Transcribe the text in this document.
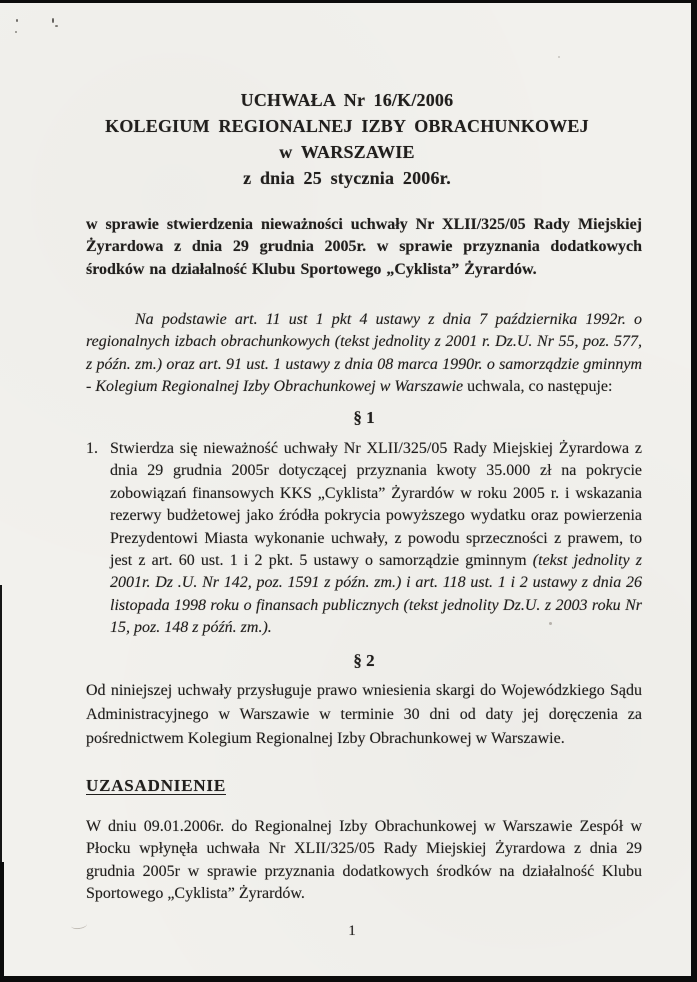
UCHWAŁA Nr 16/K/2006
KOLEGIUM REGIONALNEJ IZBY OBRACHUNKOWEJ
w WARSZAWIE
z dnia 25 stycznia 2006r.
w sprawie stwierdzenia nieważności uchwały Nr XLII/325/05 Rady Miejskiej Żyrardowa z dnia 29 grudnia 2005r. w sprawie przyznania dodatkowych środków na działalność Klubu Sportowego „Cyklista” Żyrardów.
Na podstawie art. 11 ust 1 pkt 4 ustawy z dnia 7 października 1992r. o regionalnych izbach obrachunkowych (tekst jednolity z 2001 r. Dz.U. Nr 55, poz. 577, z późn. zm.) oraz art. 91 ust. 1 ustawy z dnia 08 marca 1990r. o samorządzie gminnym - Kolegium Regionalnej Izby Obrachunkowej w Warszawie uchwala, co następuje:
§ 1
1. Stwierdza się nieważność uchwały Nr XLII/325/05 Rady Miejskiej Żyrardowa z dnia 29 grudnia 2005r dotyczącej przyznania kwoty 35.000 zł na pokrycie zobowiązań finansowych KKS „Cyklista” Żyrardów w roku 2005 r. i wskazania rezerwy budżetowej jako źródła pokrycia powyższego wydatku oraz powierzenia Prezydentowi Miasta wykonanie uchwały, z powodu sprzeczności z prawem, to jest z art. 60 ust. 1 i 2 pkt. 5 ustawy o samorządzie gminnym (tekst jednolity z 2001r. Dz .U. Nr 142, poz. 1591 z późn. zm.) i art. 118 ust. 1 i 2 ustawy z dnia 26 listopada 1998 roku o finansach publicznych (tekst jednolity Dz.U. z 2003 roku Nr 15, poz. 148 z późń. zm.).
§ 2
Od niniejszej uchwały przysługuje prawo wniesienia skargi do Wojewódzkiego Sądu Administracyjnego w Warszawie w terminie 30 dni od daty jej doręczenia za pośrednictwem Kolegium Regionalnej Izby Obrachunkowej w Warszawie.
UZASADNIENIE
W dniu 09.01.2006r. do Regionalnej Izby Obrachunkowej w Warszawie Zespół w Płocku wpłynęła uchwała Nr XLII/325/05 Rady Miejskiej Żyrardowa z dnia 29 grudnia 2005r w sprawie przyznania dodatkowych środków na działalność Klubu Sportowego „Cyklista” Żyrardów.
1
